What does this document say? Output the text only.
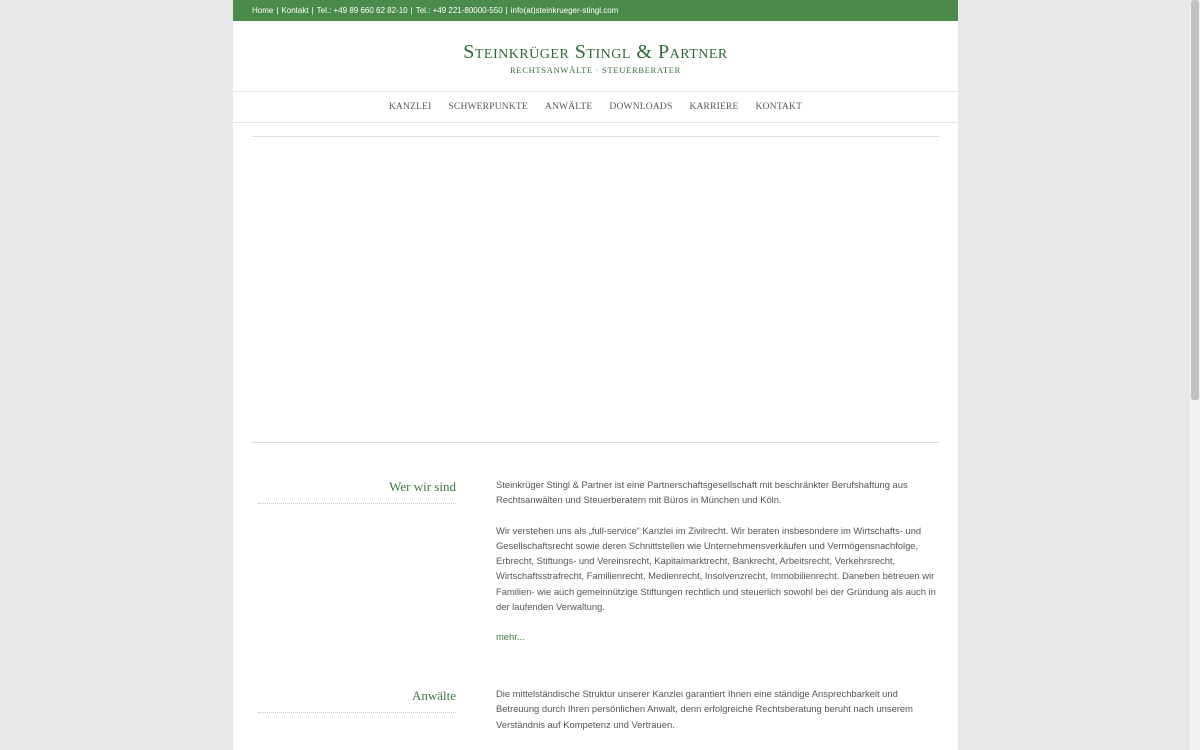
Home | Kontakt | Tel.: +49 89 660 62 82-10 | Tel.: +49 221-80000-550 | info(at)steinkrueger-stingl.com
Steinkrüger Stingl & Partner
RECHTSANWÄLTE · STEUERBERATER
KANZLEI SCHWERPUNKTE ANWÄLTE DOWNLOADS KARRIERE KONTAKT
Wer wir sind	Steinkrüger Stingl & Partner ist eine Partnerschaftsgesellschaft mit beschränkter Berufshaftung aus Rechtsanwälten und Steuerberatern mit Büros in München und Köln.

Wir verstehen uns als „full-service“ Kanzlei im Zivilrecht. Wir beraten insbesondere im Wirtschafts- und Gesellschaftsrecht sowie deren Schnittstellen wie Unternehmensverkäufen und Vermögensnachfolge, Erbrecht, Stiftungs- und Vereinsrecht, Kapitalmarktrecht, Bankrecht, Arbeitsrecht, Verkehrsrecht, Wirtschaftsstrafrecht, Familienrecht, Medienrecht, Insolvenzrecht, Immobilienrecht. Daneben betreuen wir Familien- wie auch gemeinnützige Stiftungen rechtlich und steuerlich sowohl bei der Gründung als auch in der laufenden Verwaltung.

mehr...

Anwälte	Die mittelständische Struktur unserer Kanzlei garantiert Ihnen eine ständige Ansprechbarkeit und Betreuung durch Ihren persönlichen Anwalt, denn erfolgreiche Rechtsberatung beruht nach unserem Verständnis auf Kompetenz und Vertrauen.
